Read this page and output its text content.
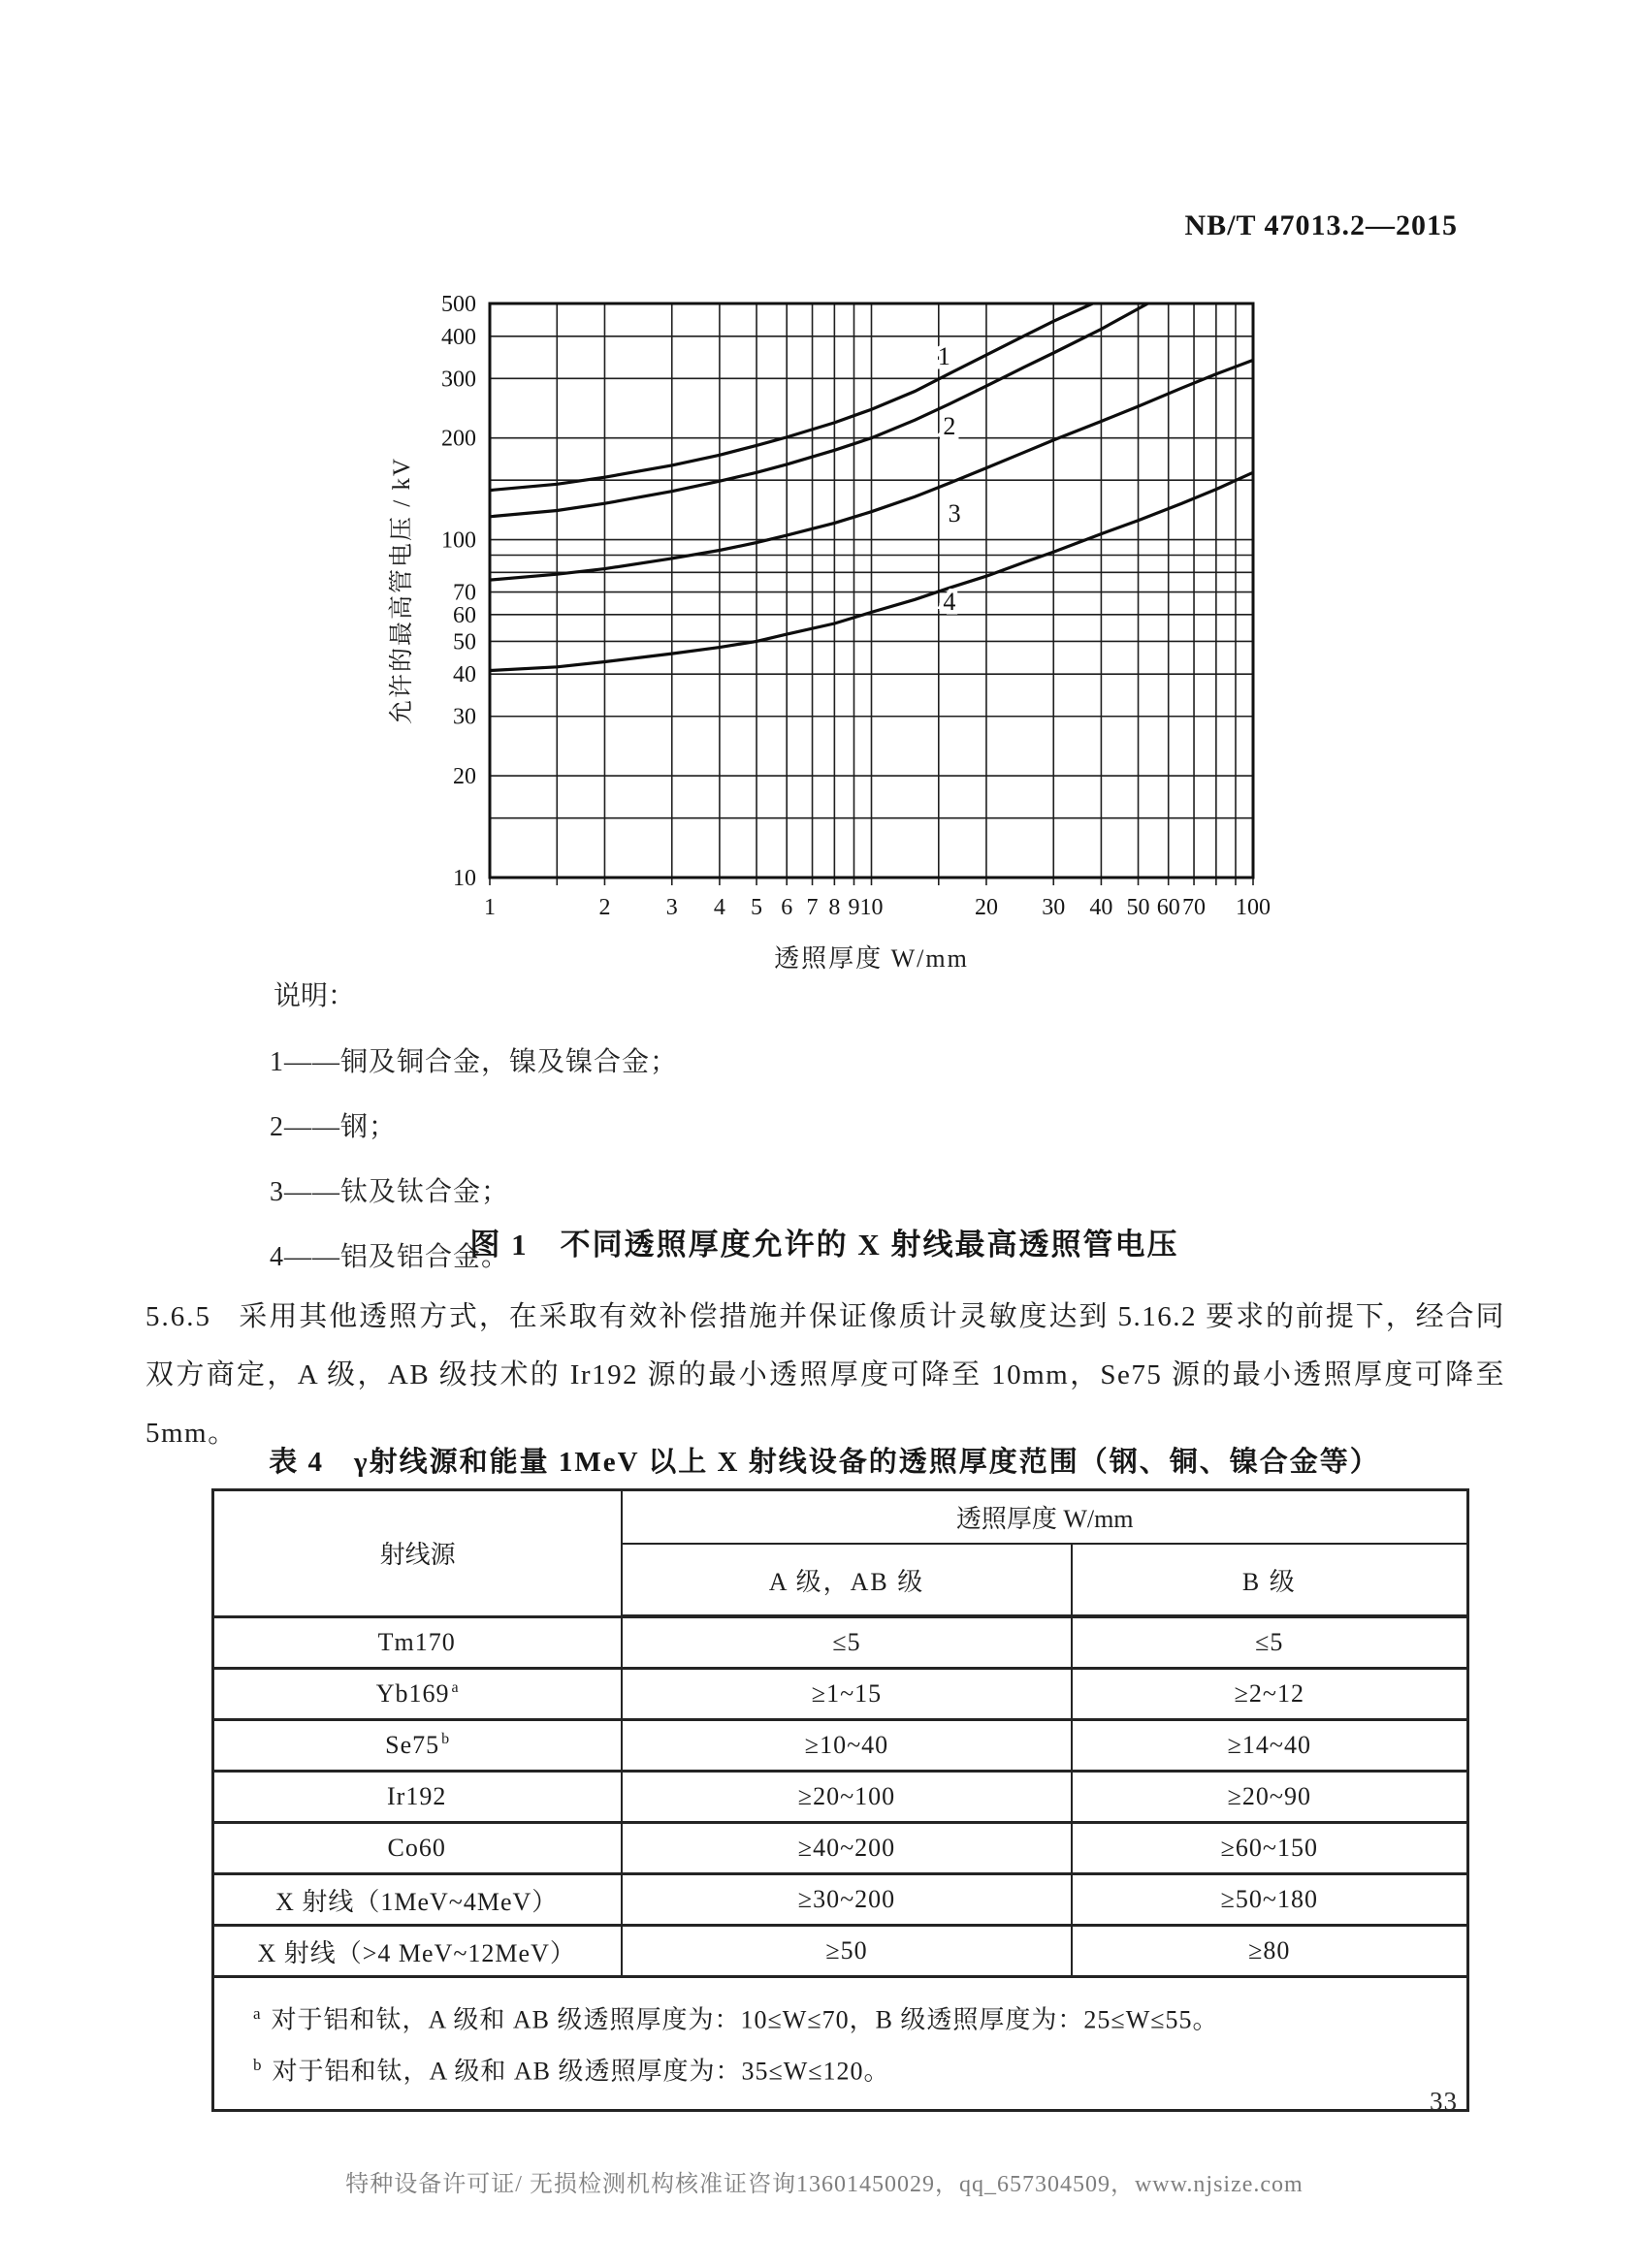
NB/T 47013.2—2015
1
2
3
4
1	2 3 4 5 6 7 8 9 10	20 30 40 50 60 70 100
10
20
30
40
50
60
70
100
200
300
400
500
透照厚度 W/mm
允许的最高管电压 / kV

说明：

1——铜及铜合金，镍及镍合金；
2——钢；
3——钛及钛合金；
4——铝及铝合金。

图 1　不同透照厚度允许的 X 射线最高透照管电压

5.6.5 采用其他透照方式，在采取有效补偿措施并保证像质计灵敏度达到 5.16.2 要求的前提下，经合同双方商定，A 级，AB 级技术的 Ir192 源的最小透照厚度可降至 10mm，Se75 源的最小透照厚度可降至 5mm。

表 4　γ射线源和能量 1MeV 以上 X 射线设备的透照厚度范围（钢、铜、镍合金等）

射线源	透照厚度 W/mm	
	A 级，AB 级	B 级
Tm170	≤5	≤5
Yb169 $^a$	≥1~15	≥2~12
Se75 $^b$	≥10~40	≥14~40
Ir192	≥20~100	≥20~90
Co60	≥40~200	≥60~150
X 射线（1MeV~4MeV）	≥30~200	≥50~180
X 射线（>4 MeV~12MeV）	≥50	≥80

$^a$ 对于铝和钛，A 级和 AB 级透照厚度为：10≤W≤70，B 级透照厚度为：25≤W≤55。
$^b$ 对于铝和钛，A 级和 AB 级透照厚度为：35≤W≤120。		
33
特种设备许可证/ 无损检测机构核准证咨询13601450029，qq_657304509，www.njsize.com
